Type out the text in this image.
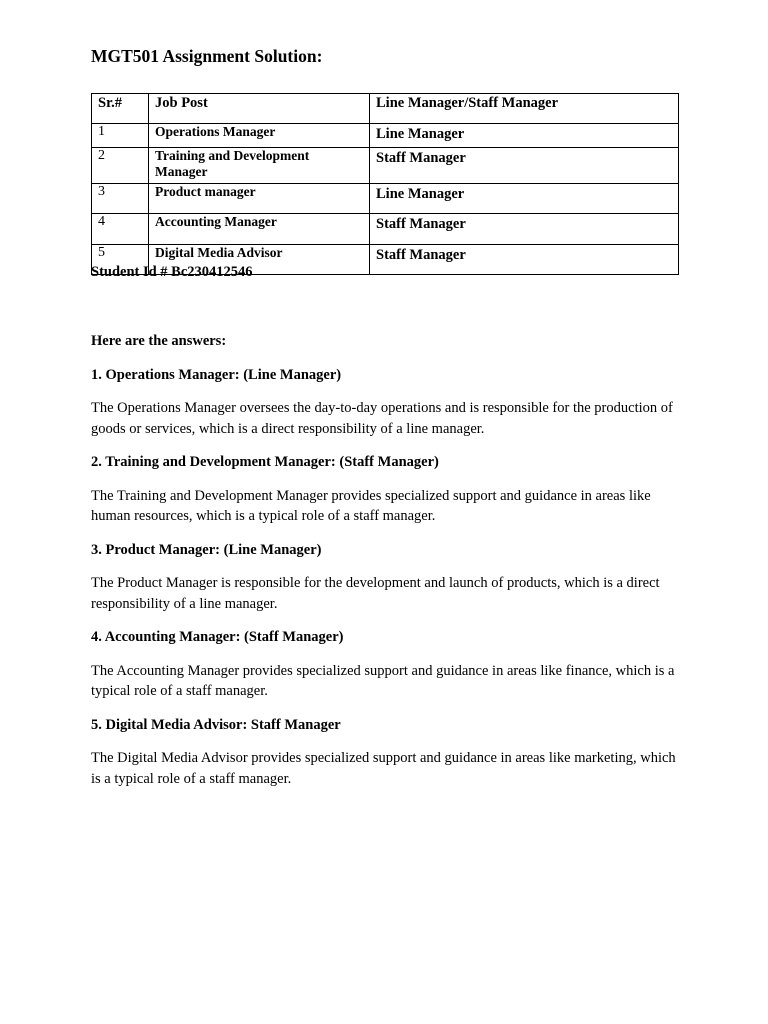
MGT501 Assignment Solution:
Sr.#	Job Post	Line Manager/Staff Manager
1	Operations Manager	Line Manager
2	Training and Development Manager	Staff Manager
3	Product manager	Line Manager
4	Accounting Manager	Staff Manager
5	Digital Media Advisor	Staff Manager
Student Id # Bc230412546

Here are the answers:

1. Operations Manager: (Line Manager)

The Operations Manager oversees the day-to-day operations and is responsible for the production of goods or services, which is a direct responsibility of a line manager.

2. Training and Development Manager: (Staff Manager)

The Training and Development Manager provides specialized support and guidance in areas like human resources, which is a typical role of a staff manager.

3. Product Manager: (Line Manager)

The Product Manager is responsible for the development and launch of products, which is a direct responsibility of a line manager.

4. Accounting Manager: (Staff Manager)

The Accounting Manager provides specialized support and guidance in areas like finance, which is a typical role of a staff manager.

5. Digital Media Advisor: Staff Manager

The Digital Media Advisor provides specialized support and guidance in areas like marketing, which is a typical role of a staff manager.
